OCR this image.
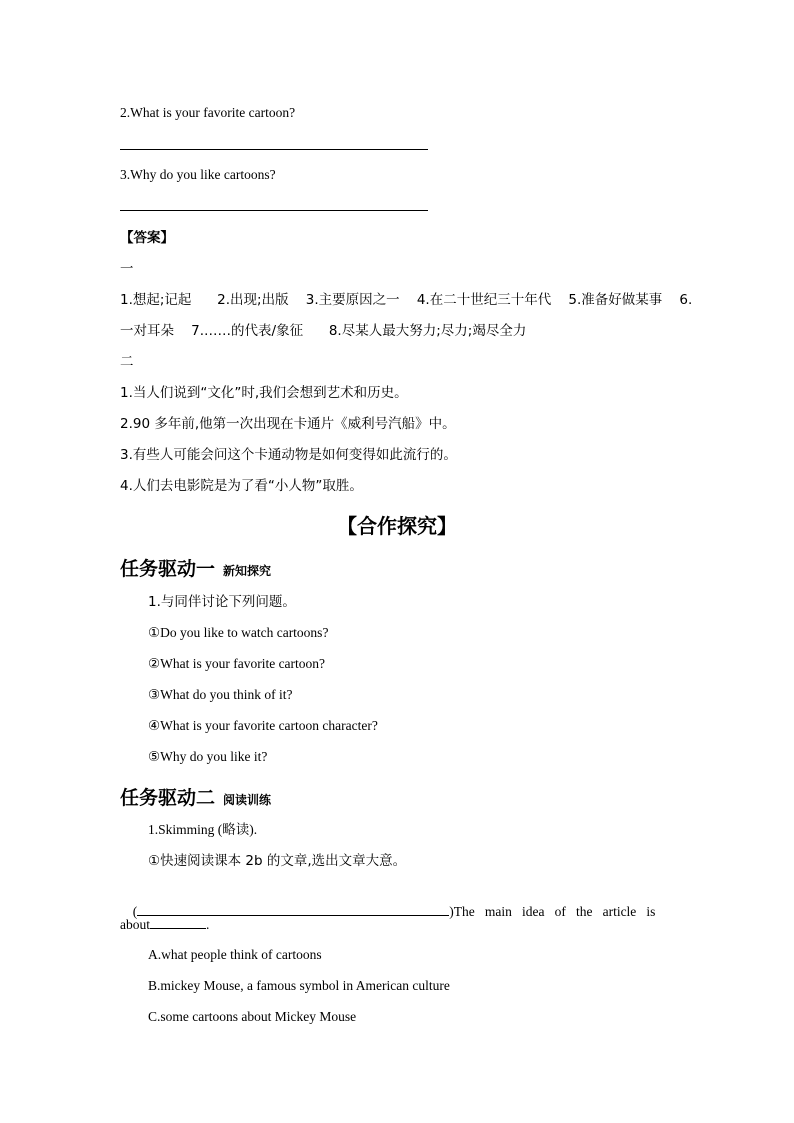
2.What is your favorite cartoon?
3.Why do you like cartoons?
【答案】
一
1.想起;记起      2.出现;出版    3.主要原因之一    4.在二十世纪三十年代    5.准备好做某事    6.
一对耳朵    7.……的代表/象征      8.尽某人最大努力;尽力;竭尽全力
二
1.当人们说到“文化”时,我们会想到艺术和历史。
2.90 多年前,他第一次出现在卡通片《威利号汽船》中。
3.有些人可能会问这个卡通动物是如何变得如此流行的。
4.人们去电影院是为了看“小人物”取胜。
【合作探究】
任务驱动一 新知探究
1.与同伴讨论下列问题。
①Do you like to watch cartoons?
②What is your favorite cartoon?
③What do you think of it?
④What is your favorite cartoon character?
⑤Why do you like it?
任务驱动二 阅读训练
1.Skimming (略读).
①快速阅读课本 2b 的文章,选出文章大意。

(	)The   main   idea   of   the   article   is

about	.
A.what people think of cartoons
B.mickey Mouse, a famous symbol in American culture
C.some cartoons about Mickey Mouse
